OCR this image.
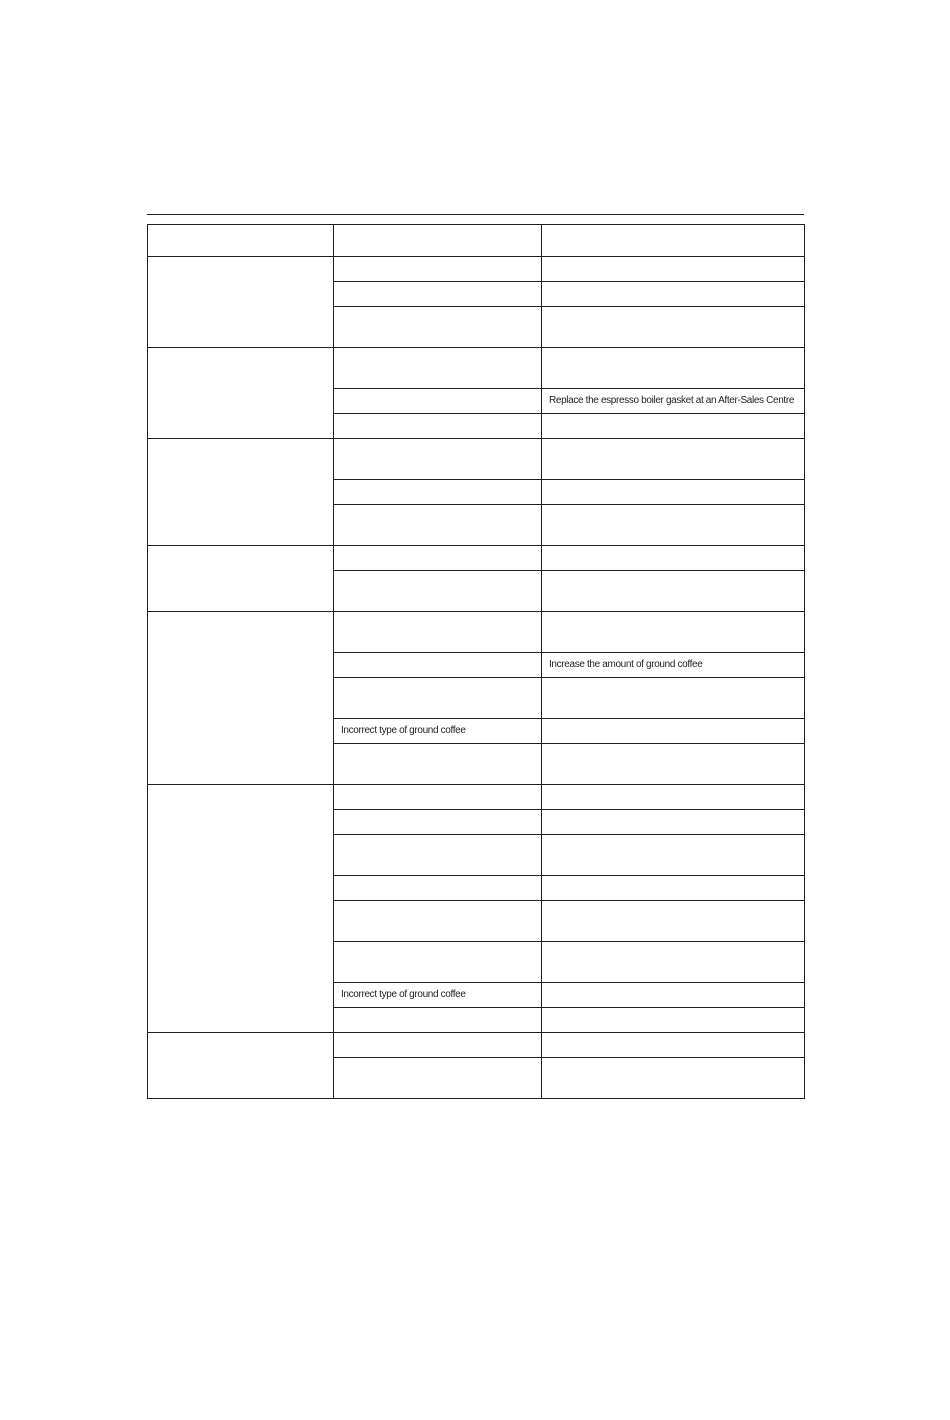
		Replace the espresso boiler gasket at an After-Sales Centre

		Increase the amount of ground coffee

	Incorrect type of ground coffee	

	Incorrect type of ground coffee	
